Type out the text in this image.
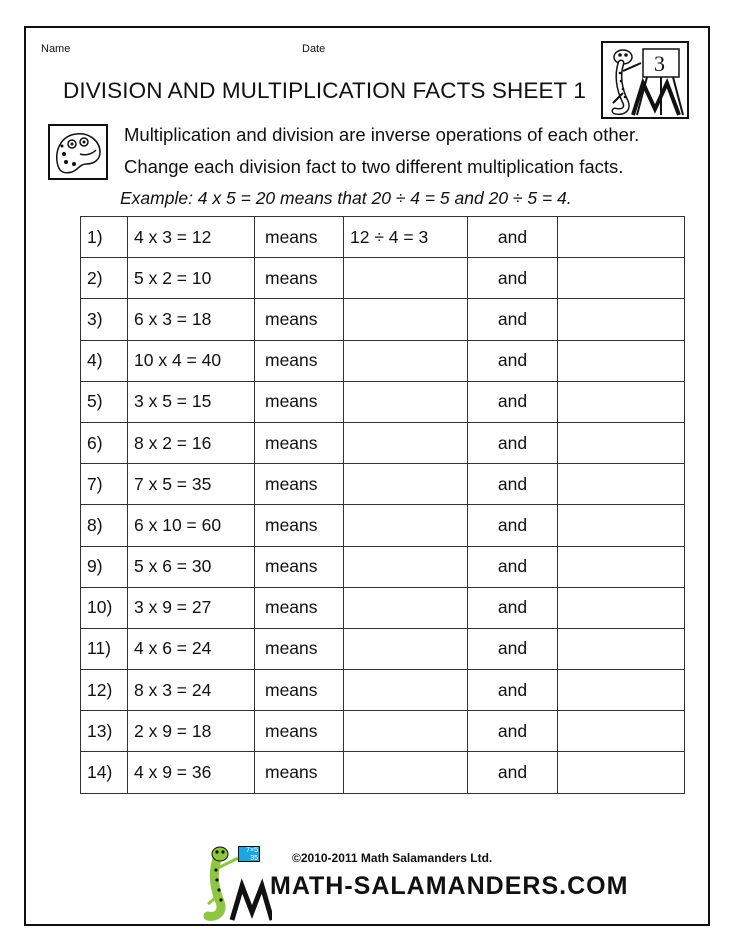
Name	Date
DIVISION AND MULTIPLICATION FACTS SHEET 1
3
Multiplication and division are inverse operations of each other.
Change each division fact to two different multiplication facts.
Example: 4 x 5 = 20 means that 20 ÷ 4 = 5 and 20 ÷ 5 = 4.
1)	4 x 3 = 12	means	12 ÷ 4 = 3	and	
2)	5 x 2 = 10	means		and	
3)	6 x 3 = 18	means		and	
4)	10 x 4 = 40	means		and	
5)	3 x 5 = 15	means		and	
6)	8 x 2 = 16	means		and	
7)	7 x 5 = 35	means		and	
8)	6 x 10 = 60	means		and	
9)	5 x 6 = 30	means		and	
10)	3 x 9 = 27	means		and	
11)	4 x 6 = 24	means		and	
12)	8 x 3 = 24	means		and	
13)	2 x 9 = 18	means		and	
14)	4 x 9 = 36	means		and	
7×5 35
MATH-SALAMANDERS.COM
©2010-2011 Math Salamanders Ltd.
